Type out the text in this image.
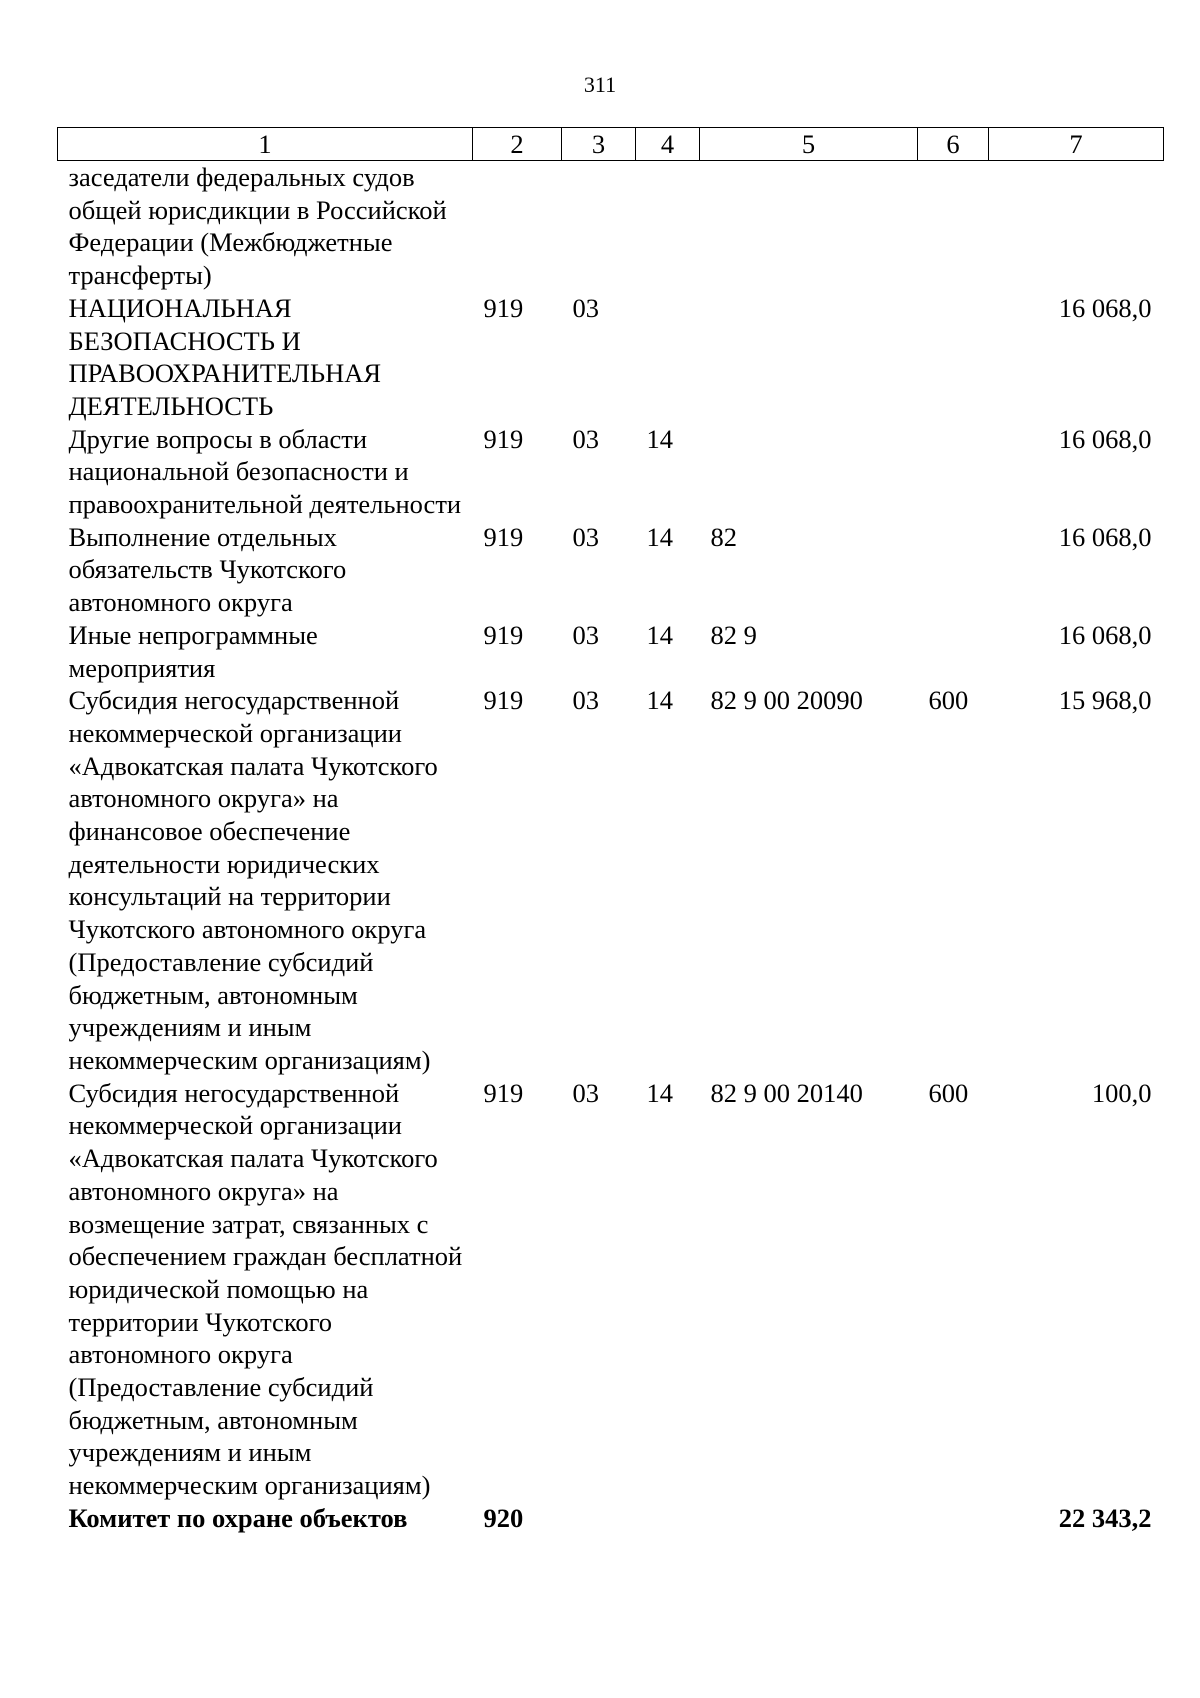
311
1	2	3	4	5	6	7
заседатели федеральных судов общей юрисдикции в Российской Федерации (Межбюджетные трансферты)						
НАЦИОНАЛЬНАЯ БЕЗОПАСНОСТЬ И ПРАВООХРАНИТЕЛЬНАЯ ДЕЯТЕЛЬНОСТЬ	919	03				16 068,0
Другие вопросы в области национальной безопасности и правоохранительной деятельности	919	03	14			16 068,0
Выполнение отдельных обязательств Чукотского автономного округа	919	03	14	82		16 068,0
Иные непрограммные мероприятия	919	03	14	82 9		16 068,0
Субсидия негосударственной некоммерческой организации «Адвокатская палата Чукотского автономного округа» на финансовое обеспечение деятельности юридических консультаций на территории Чукотского автономного округа (Предоставление субсидий бюджетным, автономным учреждениям и иным некоммерческим организациям)	919	03	14	82 9 00 20090	600	15 968,0
Субсидия негосударственной некоммерческой организации «Адвокатская палата Чукотского автономного округа» на возмещение затрат, связанных с обеспечением граждан бесплатной юридической помощью на территории Чукотского автономного округа (Предоставление субсидий бюджетным, автономным учреждениям и иным некоммерческим организациям)	919	03	14	82 9 00 20140	600	100,0
Комитет по охране объектов	920					22 343,2
